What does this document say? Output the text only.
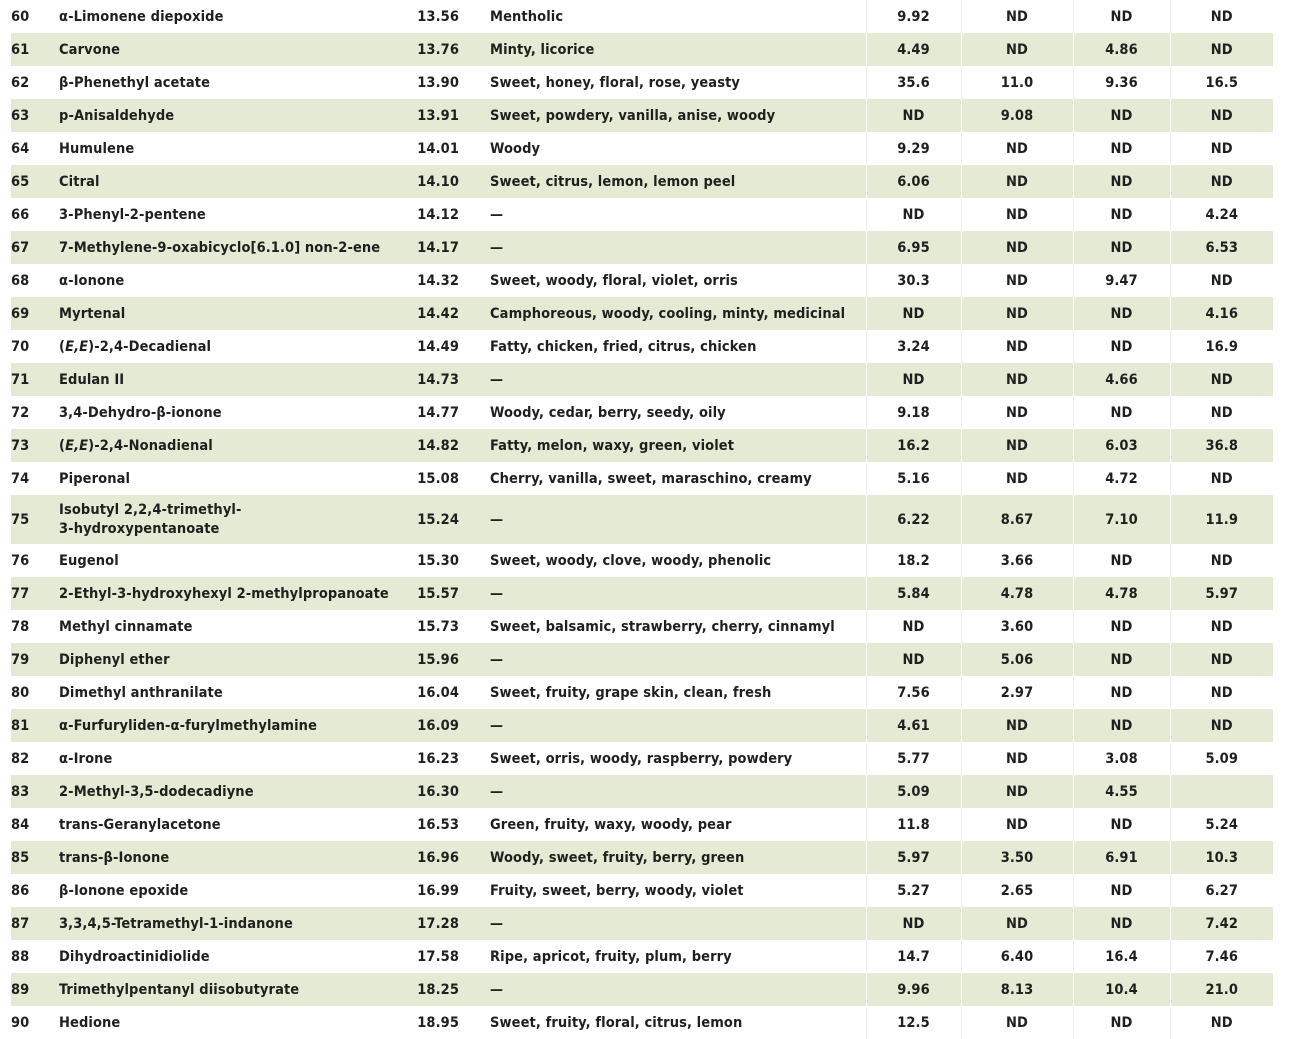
60	α-Limonene diepoxide	13.56	Mentholic	9.92	ND	ND	ND
61	Carvone	13.76	Minty, licorice	4.49	ND	4.86	ND
62	β-Phenethyl acetate	13.90	Sweet, honey, floral, rose, yeasty	35.6	11.0	9.36	16.5
63	p-Anisaldehyde	13.91	Sweet, powdery, vanilla, anise, woody	ND	9.08	ND	ND
64	Humulene	14.01	Woody	9.29	ND	ND	ND
65	Citral	14.10	Sweet, citrus, lemon, lemon peel	6.06	ND	ND	ND
66	3-Phenyl-2-pentene	14.12	—	ND	ND	ND	4.24
67	7-Methylene-9-oxabicyclo[6.1.0] non-2-ene	14.17	—	6.95	ND	ND	6.53
68	α-Ionone	14.32	Sweet, woody, floral, violet, orris	30.3	ND	9.47	ND
69	Myrtenal	14.42	Camphoreous, woody, cooling, minty, medicinal	ND	ND	ND	4.16
70	(E,E)-2,4-Decadienal	14.49	Fatty, chicken, fried, citrus, chicken	3.24	ND	ND	16.9
71	Edulan II	14.73	—	ND	ND	4.66	ND
72	3,4-Dehydro-β-ionone	14.77	Woody, cedar, berry, seedy, oily	9.18	ND	ND	ND
73	(E,E)-2,4-Nonadienal	14.82	Fatty, melon, waxy, green, violet	16.2	ND	6.03	36.8
74	Piperonal	15.08	Cherry, vanilla, sweet, maraschino, creamy	5.16	ND	4.72	ND
75	Isobutyl 2,2,4-trimethyl-3-hydroxypentanoate	15.24	—	6.22	8.67	7.10	11.9
76	Eugenol	15.30	Sweet, woody, clove, woody, phenolic	18.2	3.66	ND	ND
77	2-Ethyl-3-hydroxyhexyl 2-methylpropanoate	15.57	—	5.84	4.78	4.78	5.97
78	Methyl cinnamate	15.73	Sweet, balsamic, strawberry, cherry, cinnamyl	ND	3.60	ND	ND
79	Diphenyl ether	15.96	—	ND	5.06	ND	ND
80	Dimethyl anthranilate	16.04	Sweet, fruity, grape skin, clean, fresh	7.56	2.97	ND	ND
81	α-Furfuryliden-α-furylmethylamine	16.09	—	4.61	ND	ND	ND
82	α-Irone	16.23	Sweet, orris, woody, raspberry, powdery	5.77	ND	3.08	5.09
83	2-Methyl-3,5-dodecadiyne	16.30	—	5.09	ND	4.55	
84	trans-Geranylacetone	16.53	Green, fruity, waxy, woody, pear	11.8	ND	ND	5.24
85	trans-β-Ionone	16.96	Woody, sweet, fruity, berry, green	5.97	3.50	6.91	10.3
86	β-Ionone epoxide	16.99	Fruity, sweet, berry, woody, violet	5.27	2.65	ND	6.27
87	3,3,4,5-Tetramethyl-1-indanone	17.28	—	ND	ND	ND	7.42
88	Dihydroactinidiolide	17.58	Ripe, apricot, fruity, plum, berry	14.7	6.40	16.4	7.46
89	Trimethylpentanyl diisobutyrate	18.25	—	9.96	8.13	10.4	21.0
90	Hedione	18.95	Sweet, fruity, floral, citrus, lemon	12.5	ND	ND	ND
